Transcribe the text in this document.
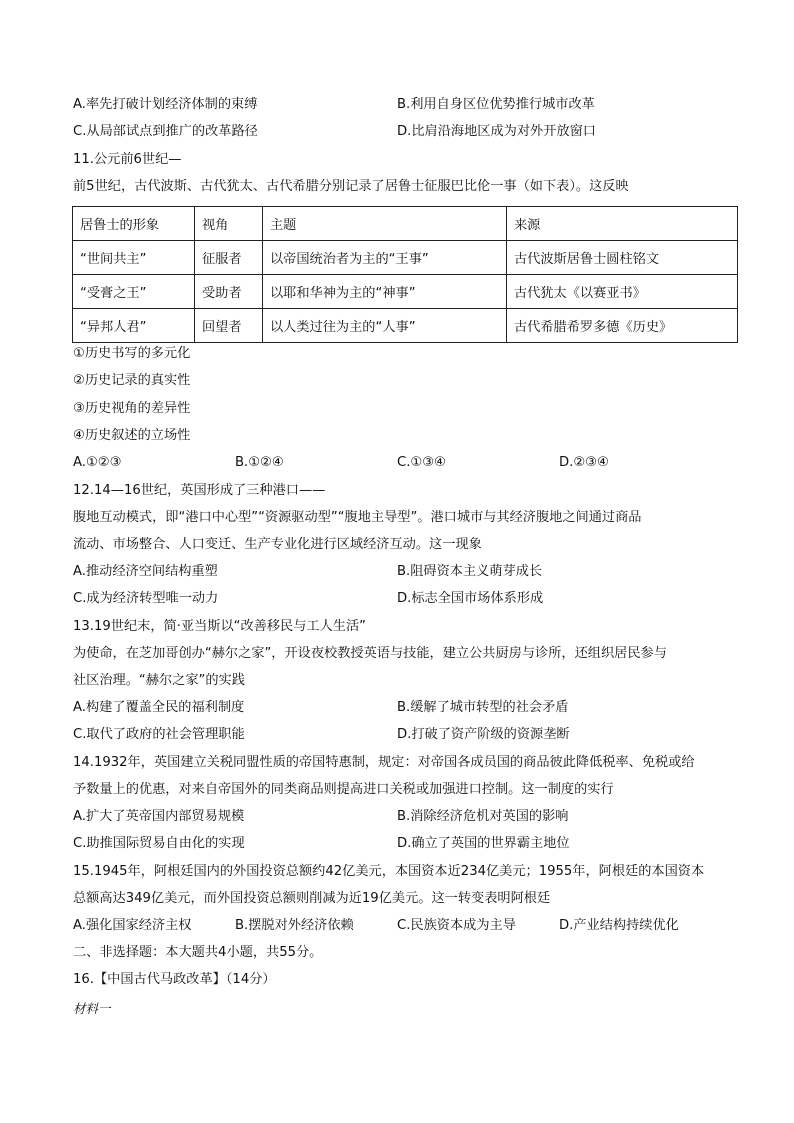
A.率先打破计划经济体制的束缚	B.利用自身区位优势推行城市改革
C.从局部试点到推广的改革路径	D.比肩沿海地区成为对外开放窗口
11.公元前6世纪—
前5世纪，古代波斯、古代犹太、古代希腊分别记录了居鲁士征服巴比伦一事（如下表）。这反映
居鲁士的形象	视角	主题	来源
“世间共主”	征服者	以帝国统治者为主的“王事”	古代波斯居鲁士圆柱铭文
“受膏之王”	受助者	以耶和华神为主的“神事”	古代犹太《以赛亚书》
“异邦人君”	回望者	以人类过往为主的“人事”	古代希腊希罗多德《历史》
①历史书写的多元化
②历史记录的真实性
③历史视角的差异性
④历史叙述的立场性
A.①②③	B.①②④	C.①③④	D.②③④
12.14—16世纪，英国形成了三种港口——
腹地互动模式，即“港口中心型”“资源驱动型”“腹地主导型”。港口城市与其经济腹地之间通过商品
流动、市场整合、人口变迁、生产专业化进行区域经济互动。这一现象
A.推动经济空间结构重塑	B.阻碍资本主义萌芽成长
C.成为经济转型唯一动力	D.标志全国市场体系形成
13.19世纪末，简·亚当斯以“改善移民与工人生活”
为使命，在芝加哥创办“赫尔之家”，开设夜校教授英语与技能，建立公共厨房与诊所，还组织居民参与
社区治理。“赫尔之家”的实践
A.构建了覆盖全民的福利制度	B.缓解了城市转型的社会矛盾
C.取代了政府的社会管理职能	D.打破了资产阶级的资源垄断
14.1932年，英国建立关税同盟性质的帝国特惠制，规定：对帝国各成员国的商品彼此降低税率、免税或给
予数量上的优惠，对来自帝国外的同类商品则提高进口关税或加强进口控制。这一制度的实行
A.扩大了英帝国内部贸易规模	B.消除经济危机对英国的影响
C.助推国际贸易自由化的实现	D.确立了英国的世界霸主地位
15.1945年，阿根廷国内的外国投资总额约42亿美元，本国资本近234亿美元；1955年，阿根廷的本国资本
总额高达349亿美元，而外国投资总额则削减为近19亿美元。这一转变表明阿根廷
A.强化国家经济主权	B.摆脱对外经济依赖	C.民族资本成为主导	D.产业结构持续优化
二、非选择题：本大题共4小题，共55分。
16.【中国古代马政改革】（14分）
材料一
